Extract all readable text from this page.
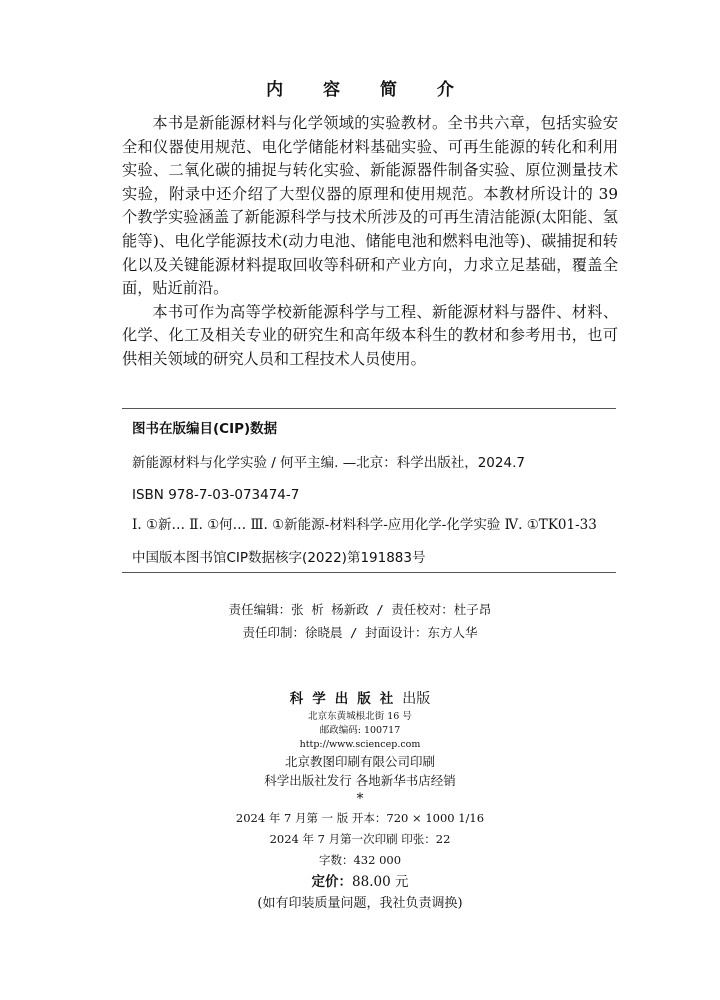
内 容 简 介

本书是新能源材料与化学领域的实验教材。全书共六章，包括实验安全和仪器使用规范、电化学储能材料基础实验、可再生能源的转化和利用实验、二氧化碳的捕捉与转化实验、新能源器件制备实验、原位测量技术实验，附录中还介绍了大型仪器的原理和使用规范。本教材所设计的 39 个教学实验涵盖了新能源科学与技术所涉及的可再生清洁能源(太阳能、氢能等)、电化学能源技术(动力电池、储能电池和燃料电池等)、碳捕捉和转化以及关键能源材料提取回收等科研和产业方向，力求立足基础，覆盖全面，贴近前沿。

本书可作为高等学校新能源科学与工程、新能源材料与器件、材料、化学、化工及相关专业的研究生和高年级本科生的教材和参考用书，也可供相关领域的研究人员和工程技术人员使用。

图书在版编目(CIP)数据
新能源材料与化学实验 / 何平主编. —北京：科学出版社，2024.7
ISBN 978-7-03-073474-7
Ⅰ. ①新… Ⅱ. ①何… Ⅲ. ①新能源-材料科学-应用化学-化学实验 Ⅳ. ①TK01-33
中国版本图书馆CIP数据核字(2022)第191883号
责任编辑：张 析 杨新政 / 责任校对：杜子昂
责任印制：徐晓晨 / 封面设计：东方人华
科学出版社出版
北京东黄城根北街 16 号
邮政编码: 100717
http://www.sciencep.com
北京教图印刷有限公司印刷
科学出版社发行 各地新华书店经销
*
2024 年 7 月第 一 版 开本：720 × 1000 1/16
2024 年 7 月第一次印刷 印张：22
字数：432 000
定价：88.00 元
(如有印装质量问题，我社负责调换)
